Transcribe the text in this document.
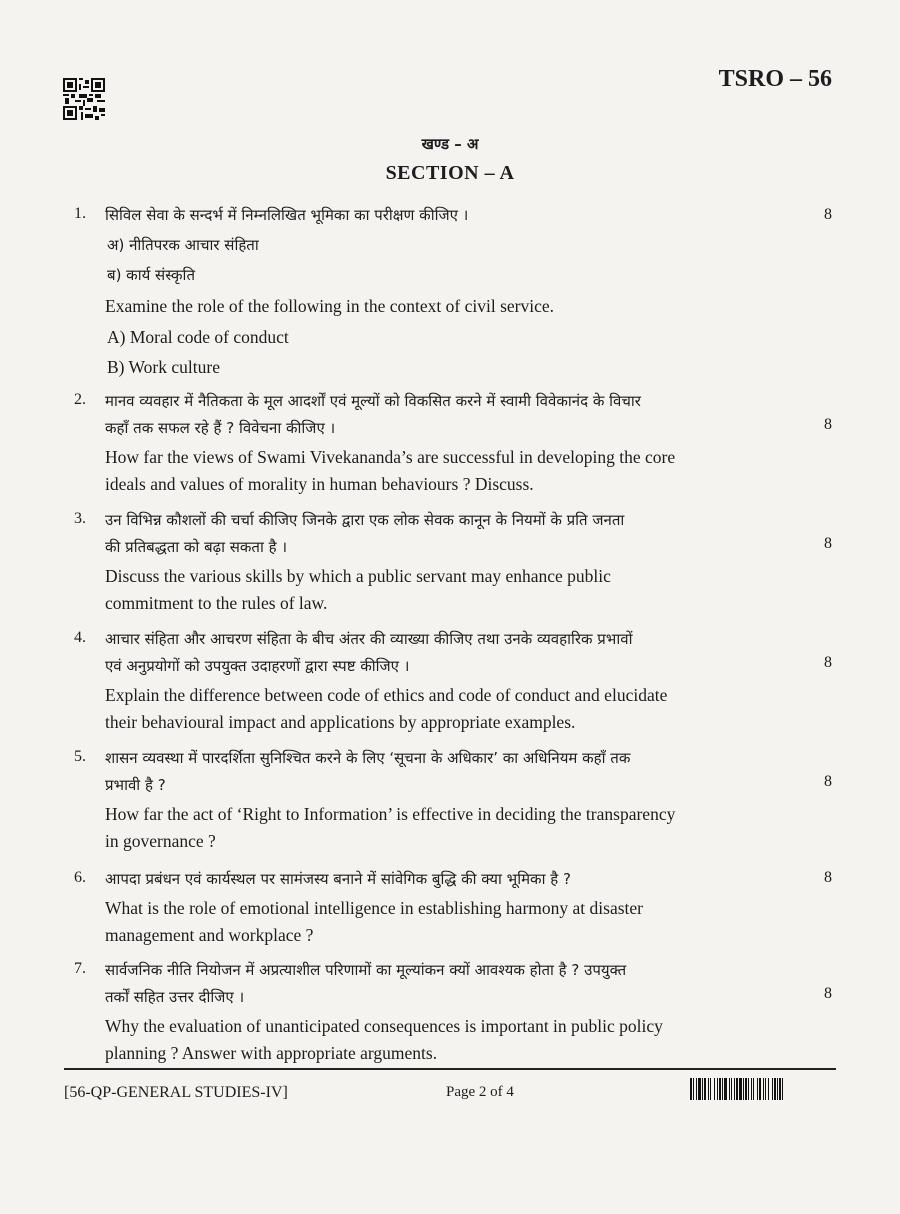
TSRO – 56
खण्ड – अ
SECTION – A
1.	सिविल सेवा के सन्दर्भ में निम्नलिखित भूमिका का परीक्षण कीजिए ।
अ) नीतिपरक आचार संहिता
ब) कार्य संस्कृति
Examine the role of the following in the context of civil service.
A) Moral code of conduct
B) Work culture
8
2.	मानव व्यवहार में नैतिकता के मूल आदर्शों एवं मूल्यों को विकसित करने में स्वामी विवेकानंद के विचार
कहाँ तक सफल रहे हैं ? विवेचना कीजिए ।
How far the views of Swami Vivekananda’s are successful in developing the core
ideals and values of morality in human behaviours ? Discuss.
8
3.	उन विभिन्न कौशलों की चर्चा कीजिए जिनके द्वारा एक लोक सेवक कानून के नियमों के प्रति जनता
की प्रतिबद्धता को बढ़ा सकता है ।
Discuss the various skills by which a public servant may enhance public
commitment to the rules of law.
8
4.	आचार संहिता और आचरण संहिता के बीच अंतर की व्याख्या कीजिए तथा उनके व्यवहारिक प्रभावों
एवं अनुप्रयोगों को उपयुक्त उदाहरणों द्वारा स्पष्ट कीजिए ।
Explain the difference between code of ethics and code of conduct and elucidate
their behavioural impact and applications by appropriate examples.
8
5.	शासन व्यवस्था में पारदर्शिता सुनिश्चित करने के लिए ‘सूचना के अधिकार’ का अधिनियम कहाँ तक
प्रभावी है ?
How far the act of ‘Right to Information’ is effective in deciding the transparency
in governance ?
8
6.	आपदा प्रबंधन एवं कार्यस्थल पर सामंजस्य बनाने में सांवेगिक बुद्धि की क्या भूमिका है ?
What is the role of emotional intelligence in establishing harmony at disaster
management and workplace ?
8
7.	सार्वजनिक नीति नियोजन में अप्रत्याशील परिणामों का मूल्यांकन क्यों आवश्यक होता है ? उपयुक्त
तर्कों सहित उत्तर दीजिए ।
Why the evaluation of unanticipated consequences is important in public policy
planning ? Answer with appropriate arguments.
8
[56-QP-GENERAL STUDIES-IV]	Page 2 of 4
